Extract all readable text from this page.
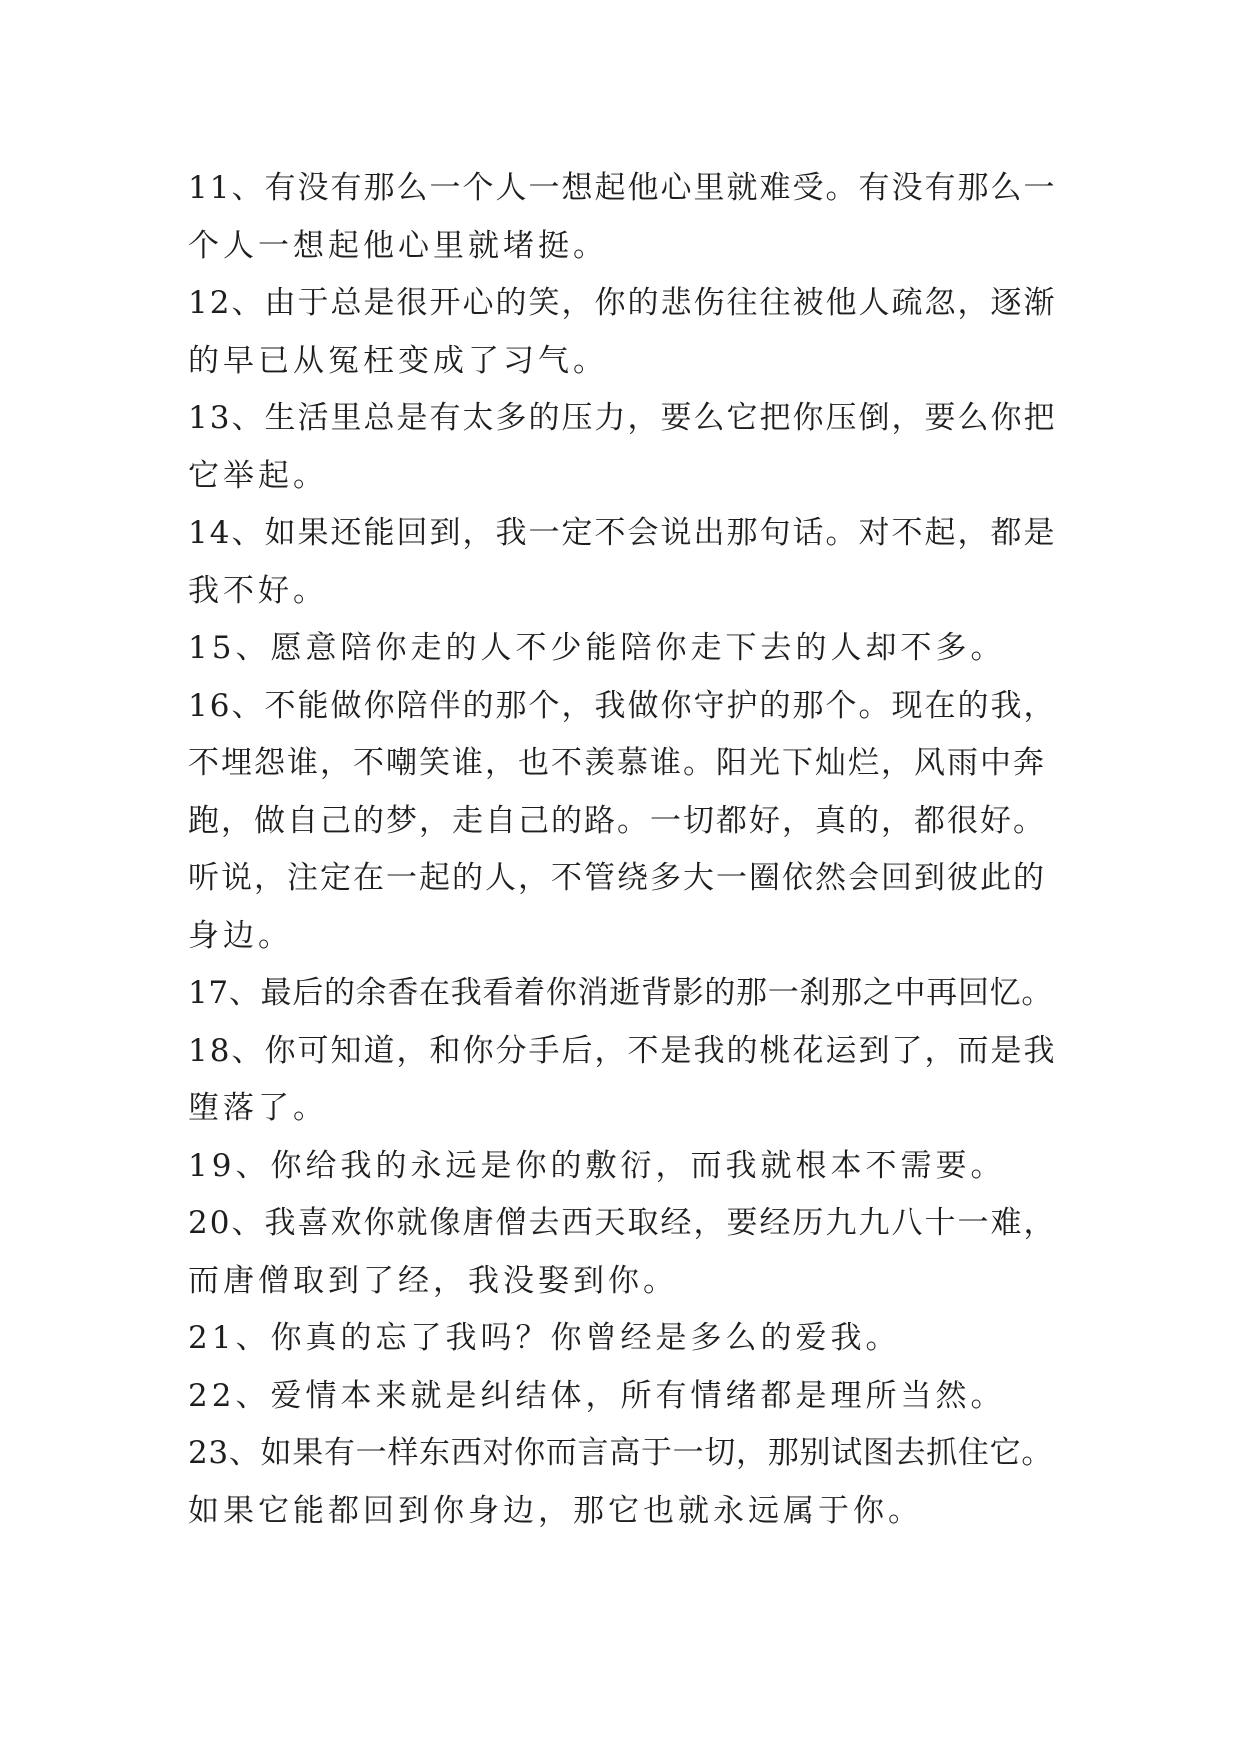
11、有没有那么一个人一想起他心里就难受。有没有那么一
个人一想起他心里就堵挺。

12、由于总是很开心的笑，你的悲伤往往被他人疏忽，逐渐
的早已从冤枉变成了习气。

13、生活里总是有太多的压力，要么它把你压倒，要么你把
它举起。

14、如果还能回到，我一定不会说出那句话。对不起，都是
我不好。

15、愿意陪你走的人不少能陪你走下去的人却不多。

16、不能做你陪伴的那个，我做你守护的那个。现在的我，
不埋怨谁，不嘲笑谁，也不羡慕谁。阳光下灿烂，风雨中奔
跑，做自己的梦，走自己的路。一切都好，真的，都很好。
听说，注定在一起的人，不管绕多大一圈依然会回到彼此的
身边。

17、最后的余香在我看着你消逝背影的那一刹那之中再回忆。

18、你可知道，和你分手后，不是我的桃花运到了，而是我
堕落了。

19、你给我的永远是你的敷衍，而我就根本不需要。

20、我喜欢你就像唐僧去西天取经，要经历九九八十一难，
而唐僧取到了经，我没娶到你。

21、你真的忘了我吗？你曾经是多么的爱我。

22、爱情本来就是纠结体，所有情绪都是理所当然。

23、如果有一样东西对你而言高于一切，那别试图去抓住它。
如果它能都回到你身边，那它也就永远属于你。
